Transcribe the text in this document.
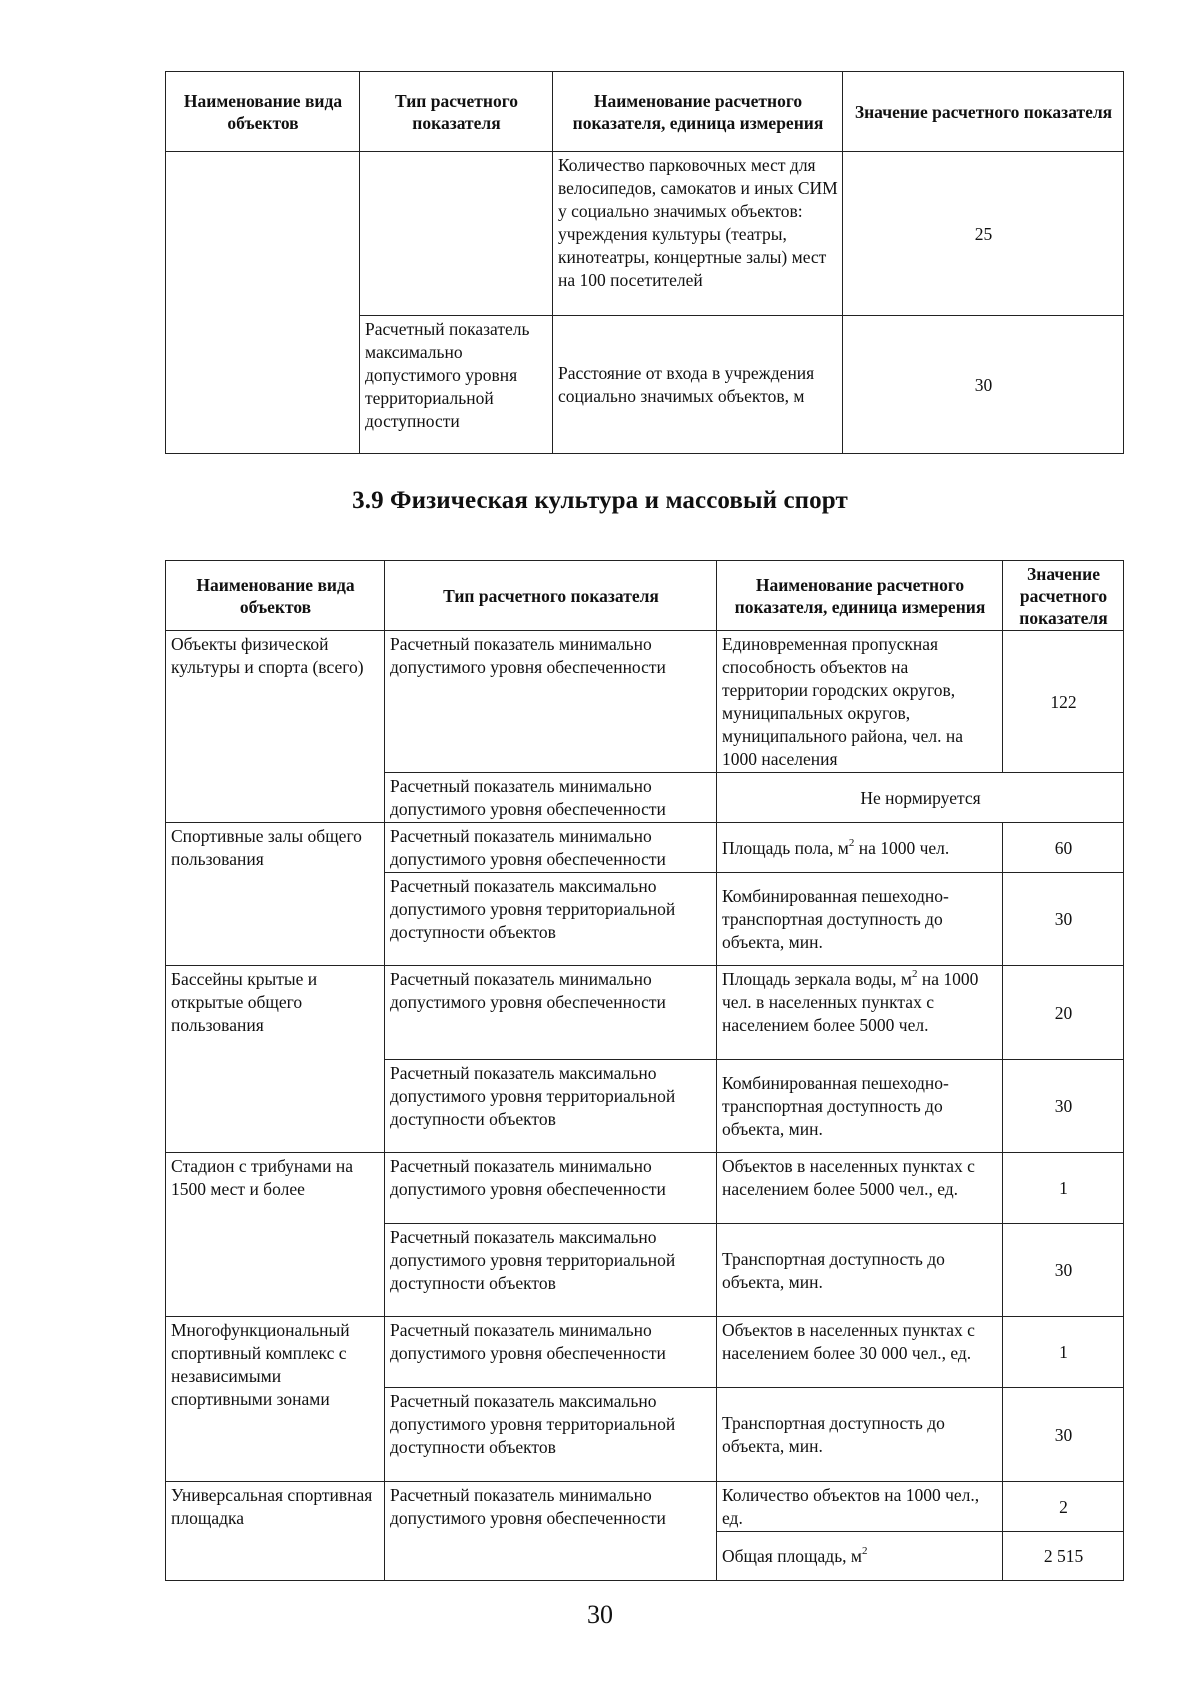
Наименование вида объектов	Тип расчетного показателя	Наименование расчетного показателя, единица измерения	Значение расчетного показателя
		Количество парковочных мест для велосипедов, самокатов и иных СИМ у социально значимых объектов: учреждения культуры (театры, кинотеатры, концертные залы) мест на 100 посетителей	25
	Расчетный показатель максимально допустимого уровня территориальной доступности	Расстояние от входа в учреждения социально значимых объектов, м	30
3.9 Физическая культура и массовый спорт
Наименование вида объектов	Тип расчетного показателя	Наименование расчетного показателя, единица измерения	Значение расчетного показателя
Объекты физической культуры и спорта (всего)	Расчетный показатель минимально допустимого уровня обеспеченности	Единовременная пропускная способность объектов на территории городских округов, муниципальных округов, муниципального района, чел. на 1000 населения	122
	Расчетный показатель минимально допустимого уровня обеспеченности	Не нормируется	
Спортивные залы общего пользования	Расчетный показатель минимально допустимого уровня обеспеченности	Площадь пола, $м^2$ на 1000 чел.	60
	Расчетный показатель максимально допустимого уровня территориальной доступности объектов	Комбинированная пешеходно-транспортная доступность до объекта, мин.	30
Бассейны крытые и открытые общего пользования	Расчетный показатель минимально допустимого уровня обеспеченности	Площадь зеркала воды, $м^2$ на 1000 чел. в населенных пунктах с населением более 5000 чел.	20
	Расчетный показатель максимально допустимого уровня территориальной доступности объектов	Комбинированная пешеходно-транспортная доступность до объекта, мин.	30
Стадион с трибунами на 1500 мест и более	Расчетный показатель минимально допустимого уровня обеспеченности	Объектов в населенных пунктах с населением более 5000 чел., ед.	1
	Расчетный показатель максимально допустимого уровня территориальной доступности объектов	Транспортная доступность до объекта, мин.	30
Многофункциональный спортивный комплекс с независимыми спортивными зонами	Расчетный показатель минимально допустимого уровня обеспеченности	Объектов в населенных пунктах с населением более 30 000 чел., ед.	1
	Расчетный показатель максимально допустимого уровня территориальной доступности объектов	Транспортная доступность до объекта, мин.	30
Универсальная спортивная площадка	Расчетный показатель минимально допустимого уровня обеспеченности	Количество объектов на 1000 чел., ед.	2
		Общая площадь, $м^2$	2 515
30
